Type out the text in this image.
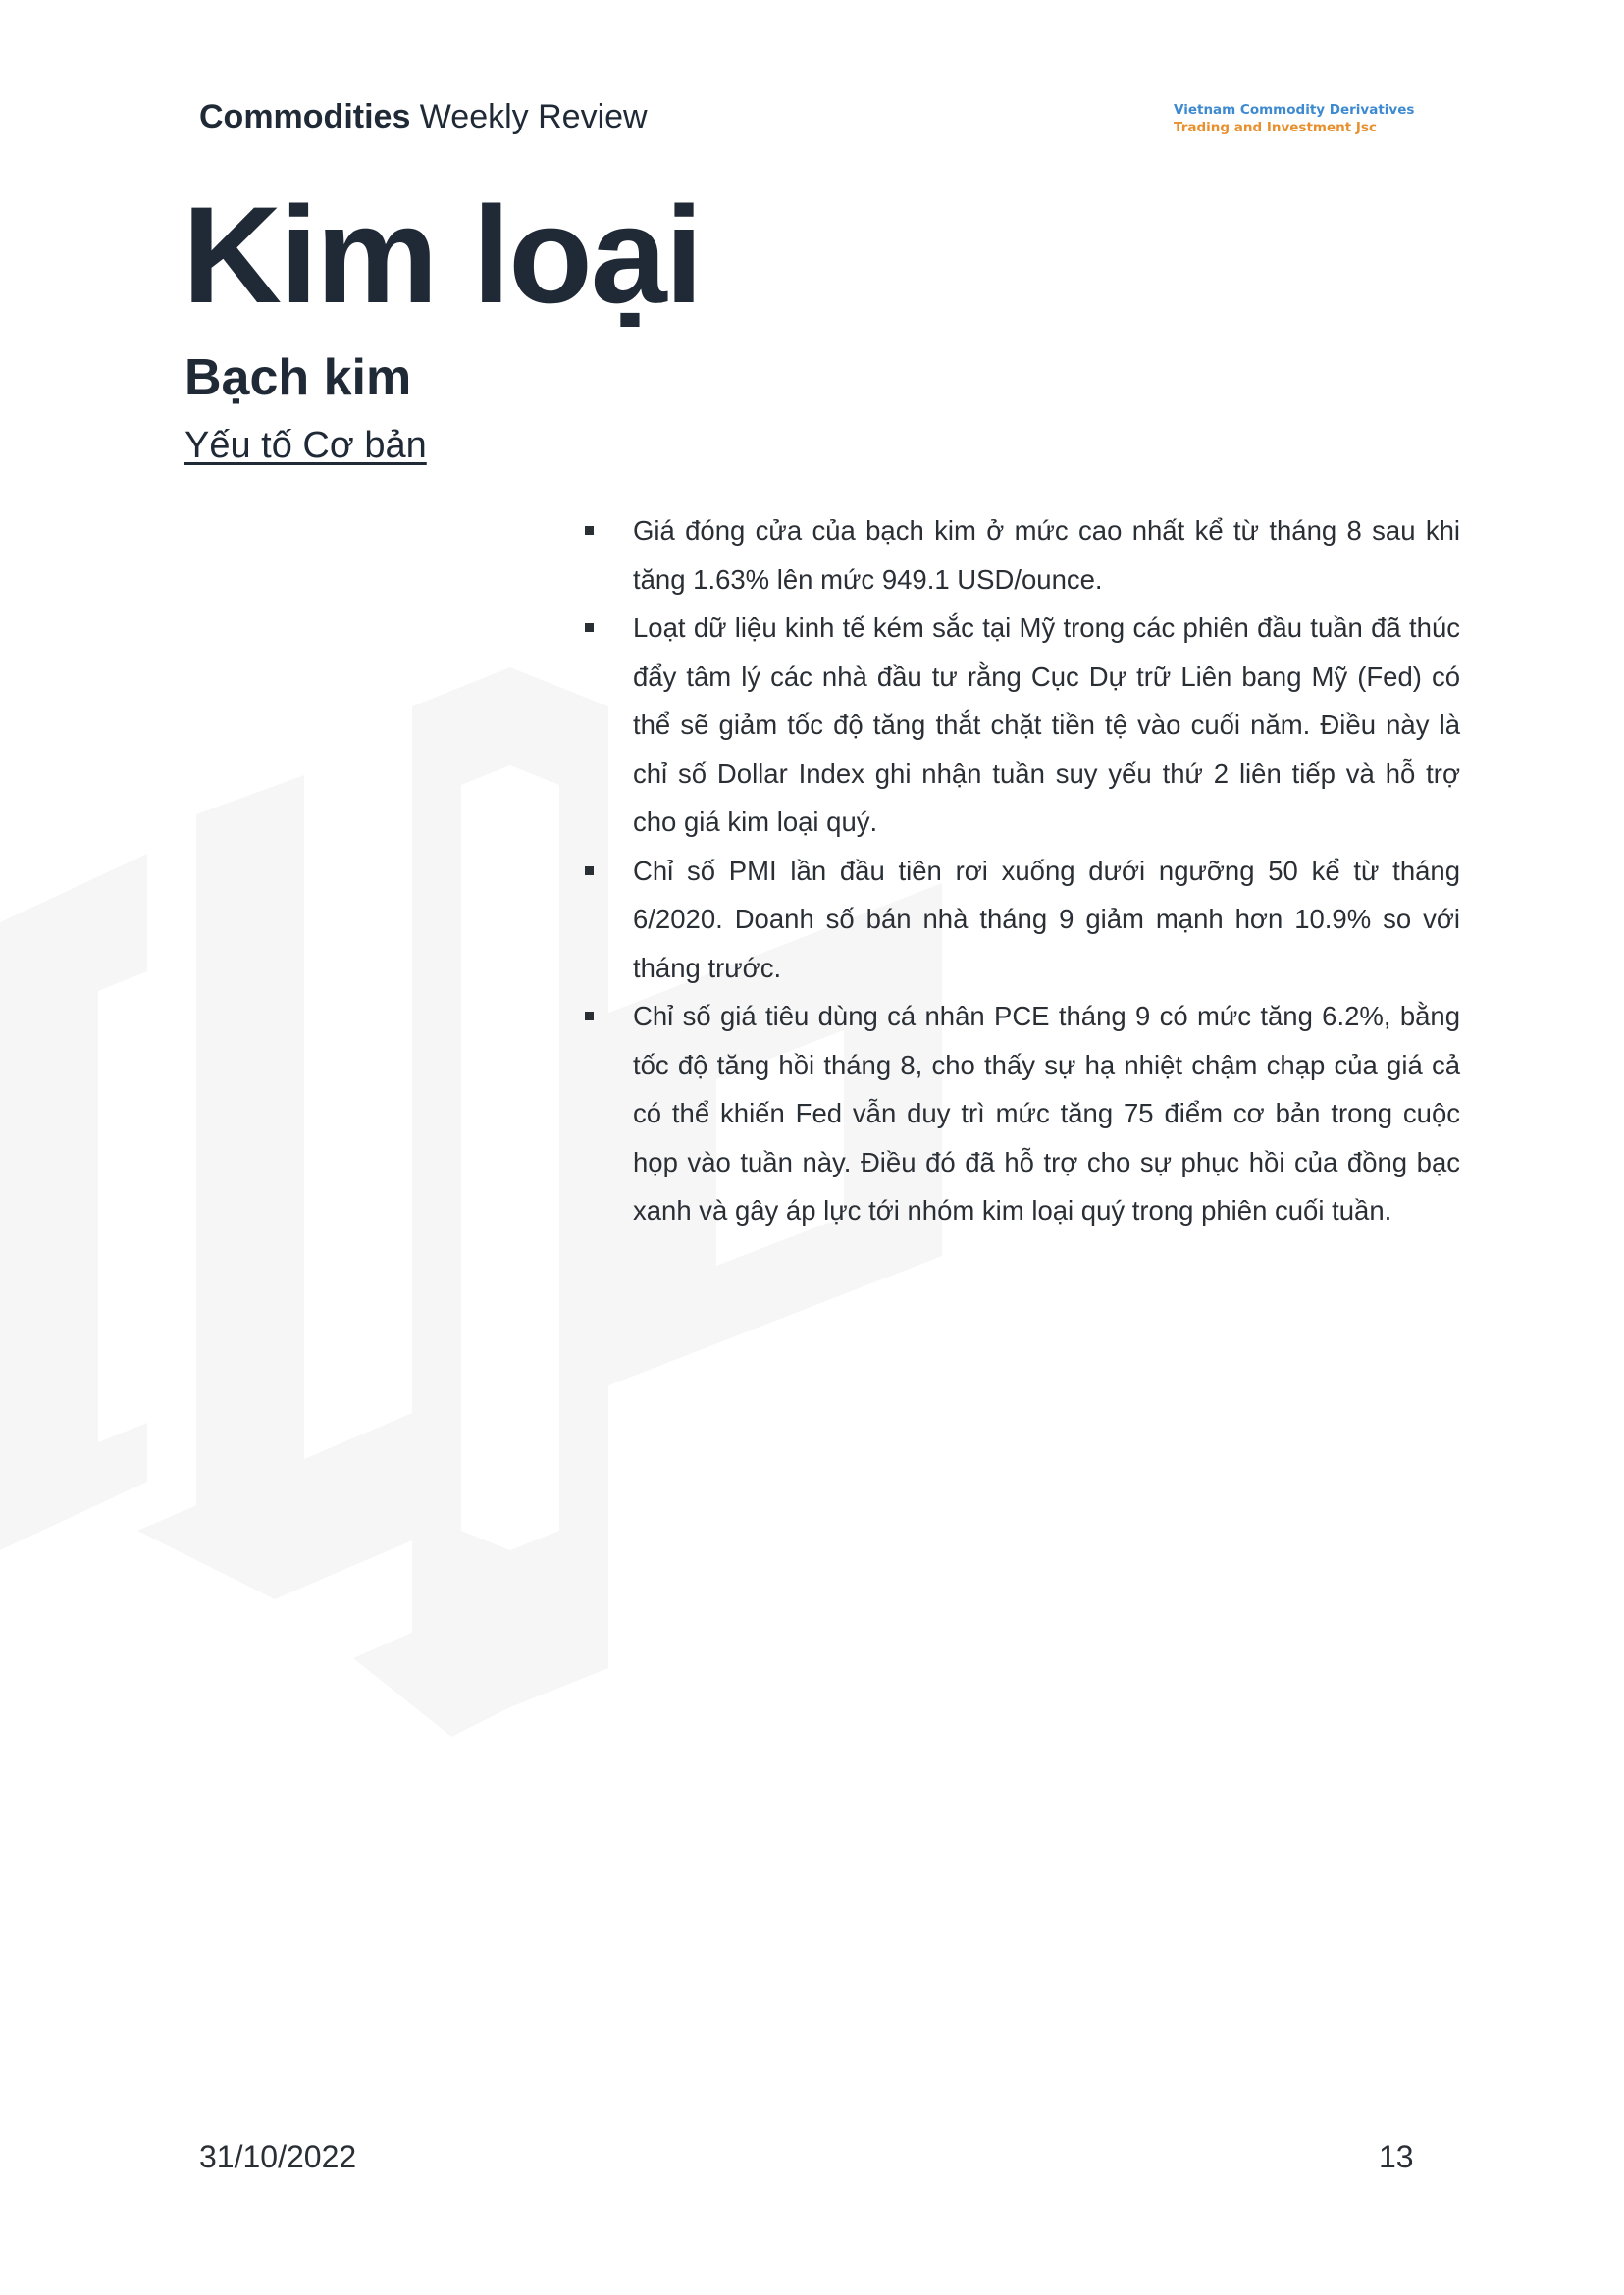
Commodities Weekly Review	Vietnam Commodity Derivatives
Trading and Investment Jsc
Kim loại
Bạch kim
Yếu tố Cơ bản
Giá đóng cửa của bạch kim ở mức cao nhất kể từ tháng 8 sau khi tăng 1.63% lên mức 949.1 USD/ounce.
Loạt dữ liệu kinh tế kém sắc tại Mỹ trong các phiên đầu tuần đã thúc đẩy tâm lý các nhà đầu tư rằng Cục Dự trữ Liên bang Mỹ (Fed) có thể sẽ giảm tốc độ tăng thắt chặt tiền tệ vào cuối năm. Điều này là chỉ số Dollar Index ghi nhận tuần suy yếu thứ 2 liên tiếp và hỗ trợ cho giá kim loại quý.
Chỉ số PMI lần đầu tiên rơi xuống dưới ngưỡng 50 kể từ tháng 6/2020. Doanh số bán nhà tháng 9 giảm mạnh hơn 10.9% so với tháng trước.
Chỉ số giá tiêu dùng cá nhân PCE tháng 9 có mức tăng 6.2%, bằng tốc độ tăng hồi tháng 8, cho thấy sự hạ nhiệt chậm chạp của giá cả có thể khiến Fed vẫn duy trì mức tăng 75 điểm cơ bản trong cuộc họp vào tuần này. Điều đó đã hỗ trợ cho sự phục hồi của đồng bạc xanh và gây áp lực tới nhóm kim loại quý trong phiên cuối tuần.
31/10/2022	13
